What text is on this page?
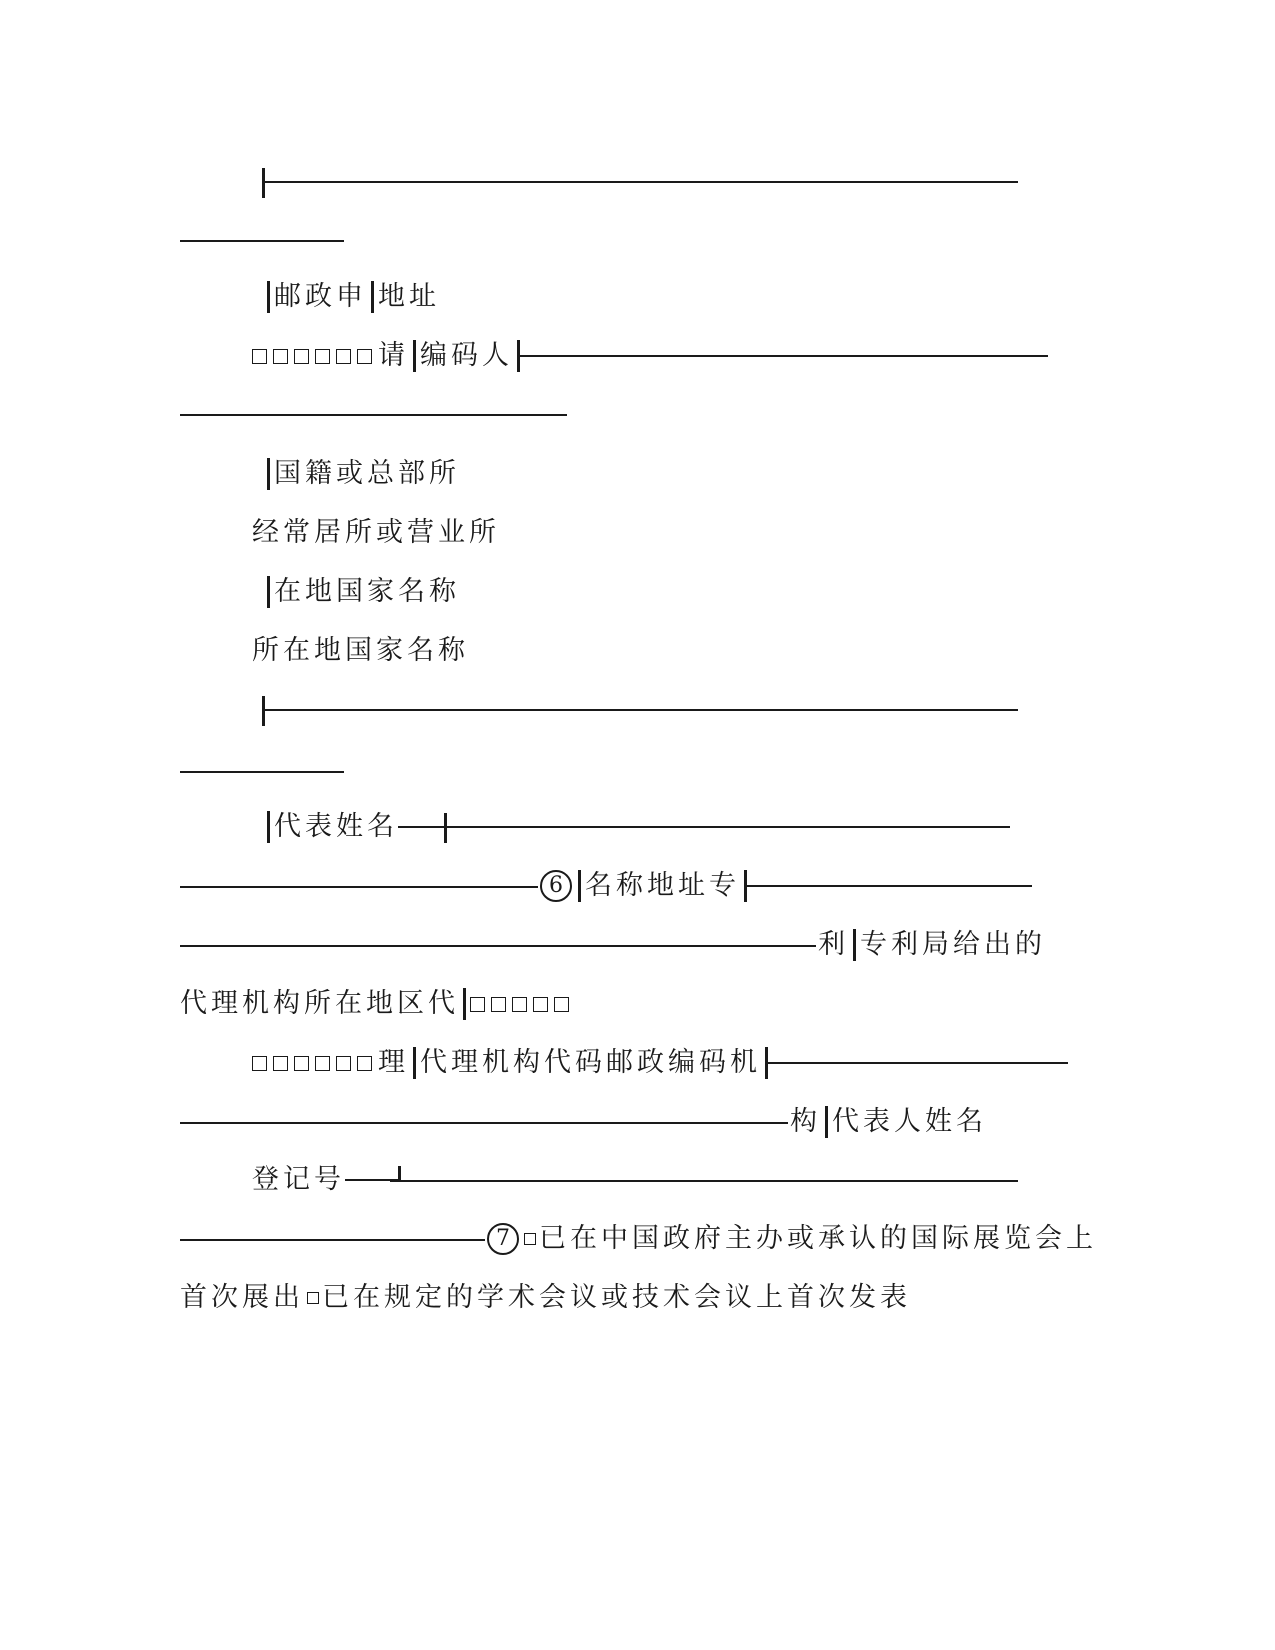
邮政申 地址
请 编码人
国籍或总部所
经常居所或营业所
在地国家名称
所在地国家名称
代表姓名
6 名称地址专
利 专利局给出的
代理机构所在地区代
理 代理机构代码邮政编码机
构 代表人姓名
登记号
7	已在中国政府主办或承认的国际展览会上
首次展出 已在规定的学术会议或技术会议上首次发表
